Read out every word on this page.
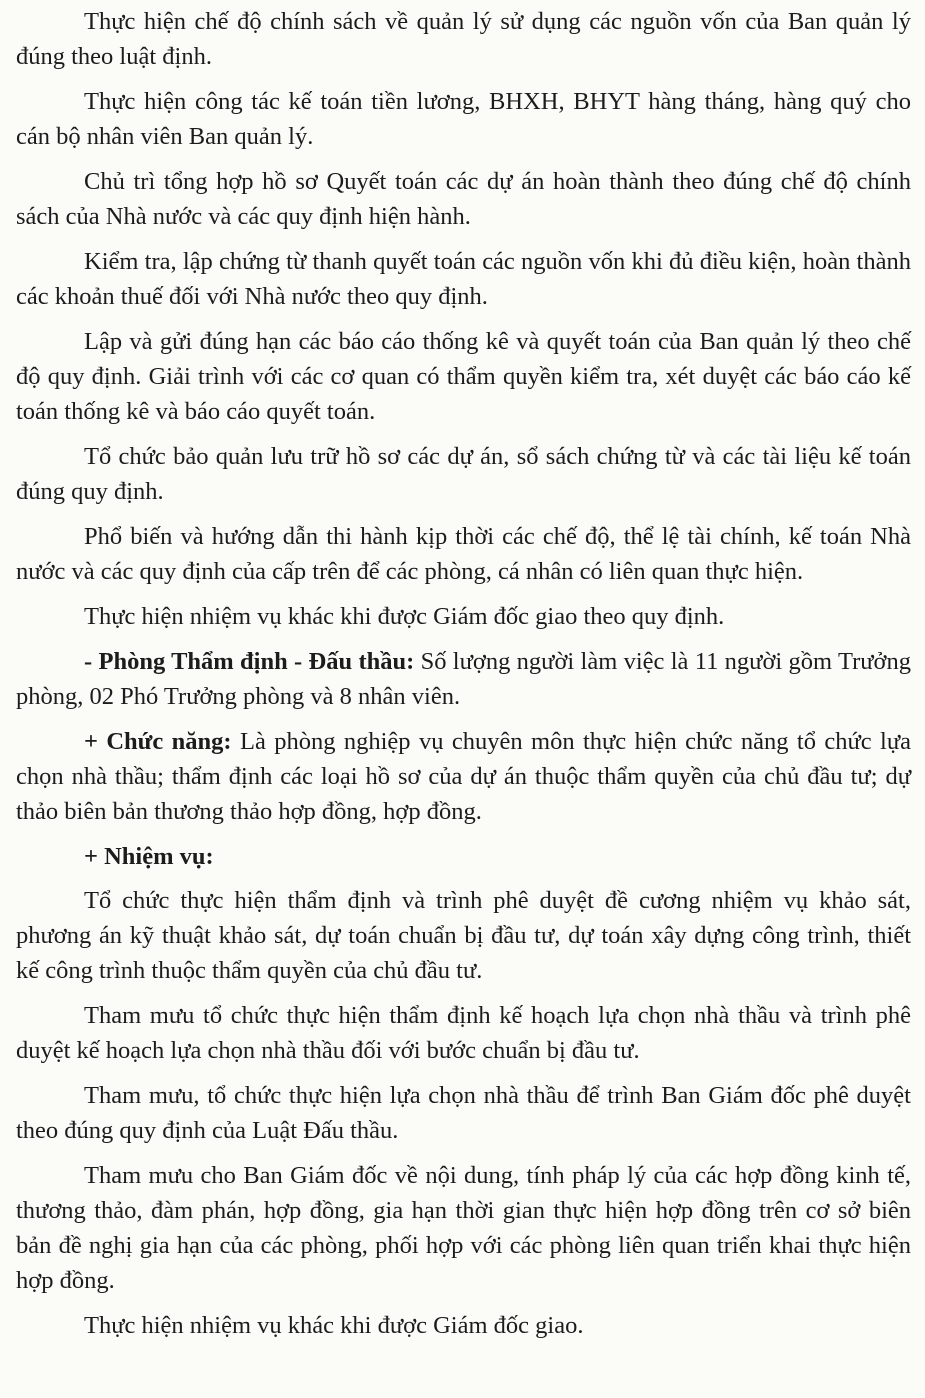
Thực hiện chế độ chính sách về quản lý sử dụng các nguồn vốn của Ban quản lý đúng theo luật định.

Thực hiện công tác kế toán tiền lương, BHXH, BHYT hàng tháng, hàng quý cho cán bộ nhân viên Ban quản lý.

Chủ trì tổng hợp hồ sơ Quyết toán các dự án hoàn thành theo đúng chế độ chính sách của Nhà nước và các quy định hiện hành.

Kiểm tra, lập chứng từ thanh quyết toán các nguồn vốn khi đủ điều kiện, hoàn thành các khoản thuế đối với Nhà nước theo quy định.

Lập và gửi đúng hạn các báo cáo thống kê và quyết toán của Ban quản lý theo chế độ quy định. Giải trình với các cơ quan có thẩm quyền kiểm tra, xét duyệt các báo cáo kế toán thống kê và báo cáo quyết toán.

Tổ chức bảo quản lưu trữ hồ sơ các dự án, sổ sách chứng từ và các tài liệu kế toán đúng quy định.

Phổ biến và hướng dẫn thi hành kịp thời các chế độ, thể lệ tài chính, kế toán Nhà nước và các quy định của cấp trên để các phòng, cá nhân có liên quan thực hiện.

Thực hiện nhiệm vụ khác khi được Giám đốc giao theo quy định.

- Phòng Thẩm định - Đấu thầu: Số lượng người làm việc là 11 người gồm Trưởng phòng, 02 Phó Trưởng phòng và 8 nhân viên.

+ Chức năng: Là phòng nghiệp vụ chuyên môn thực hiện chức năng tổ chức lựa chọn nhà thầu; thẩm định các loại hồ sơ của dự án thuộc thẩm quyền của chủ đầu tư; dự thảo biên bản thương thảo hợp đồng, hợp đồng.

+ Nhiệm vụ:

Tổ chức thực hiện thẩm định và trình phê duyệt đề cương nhiệm vụ khảo sát, phương án kỹ thuật khảo sát, dự toán chuẩn bị đầu tư, dự toán xây dựng công trình, thiết kế công trình thuộc thẩm quyền của chủ đầu tư.

Tham mưu tổ chức thực hiện thẩm định kế hoạch lựa chọn nhà thầu và trình phê duyệt kế hoạch lựa chọn nhà thầu đối với bước chuẩn bị đầu tư.

Tham mưu, tổ chức thực hiện lựa chọn nhà thầu để trình Ban Giám đốc phê duyệt theo đúng quy định của Luật Đấu thầu.

Tham mưu cho Ban Giám đốc về nội dung, tính pháp lý của các hợp đồng kinh tế, thương thảo, đàm phán, hợp đồng, gia hạn thời gian thực hiện hợp đồng trên cơ sở biên bản đề nghị gia hạn của các phòng, phối hợp với các phòng liên quan triển khai thực hiện hợp đồng.

Thực hiện nhiệm vụ khác khi được Giám đốc giao.
